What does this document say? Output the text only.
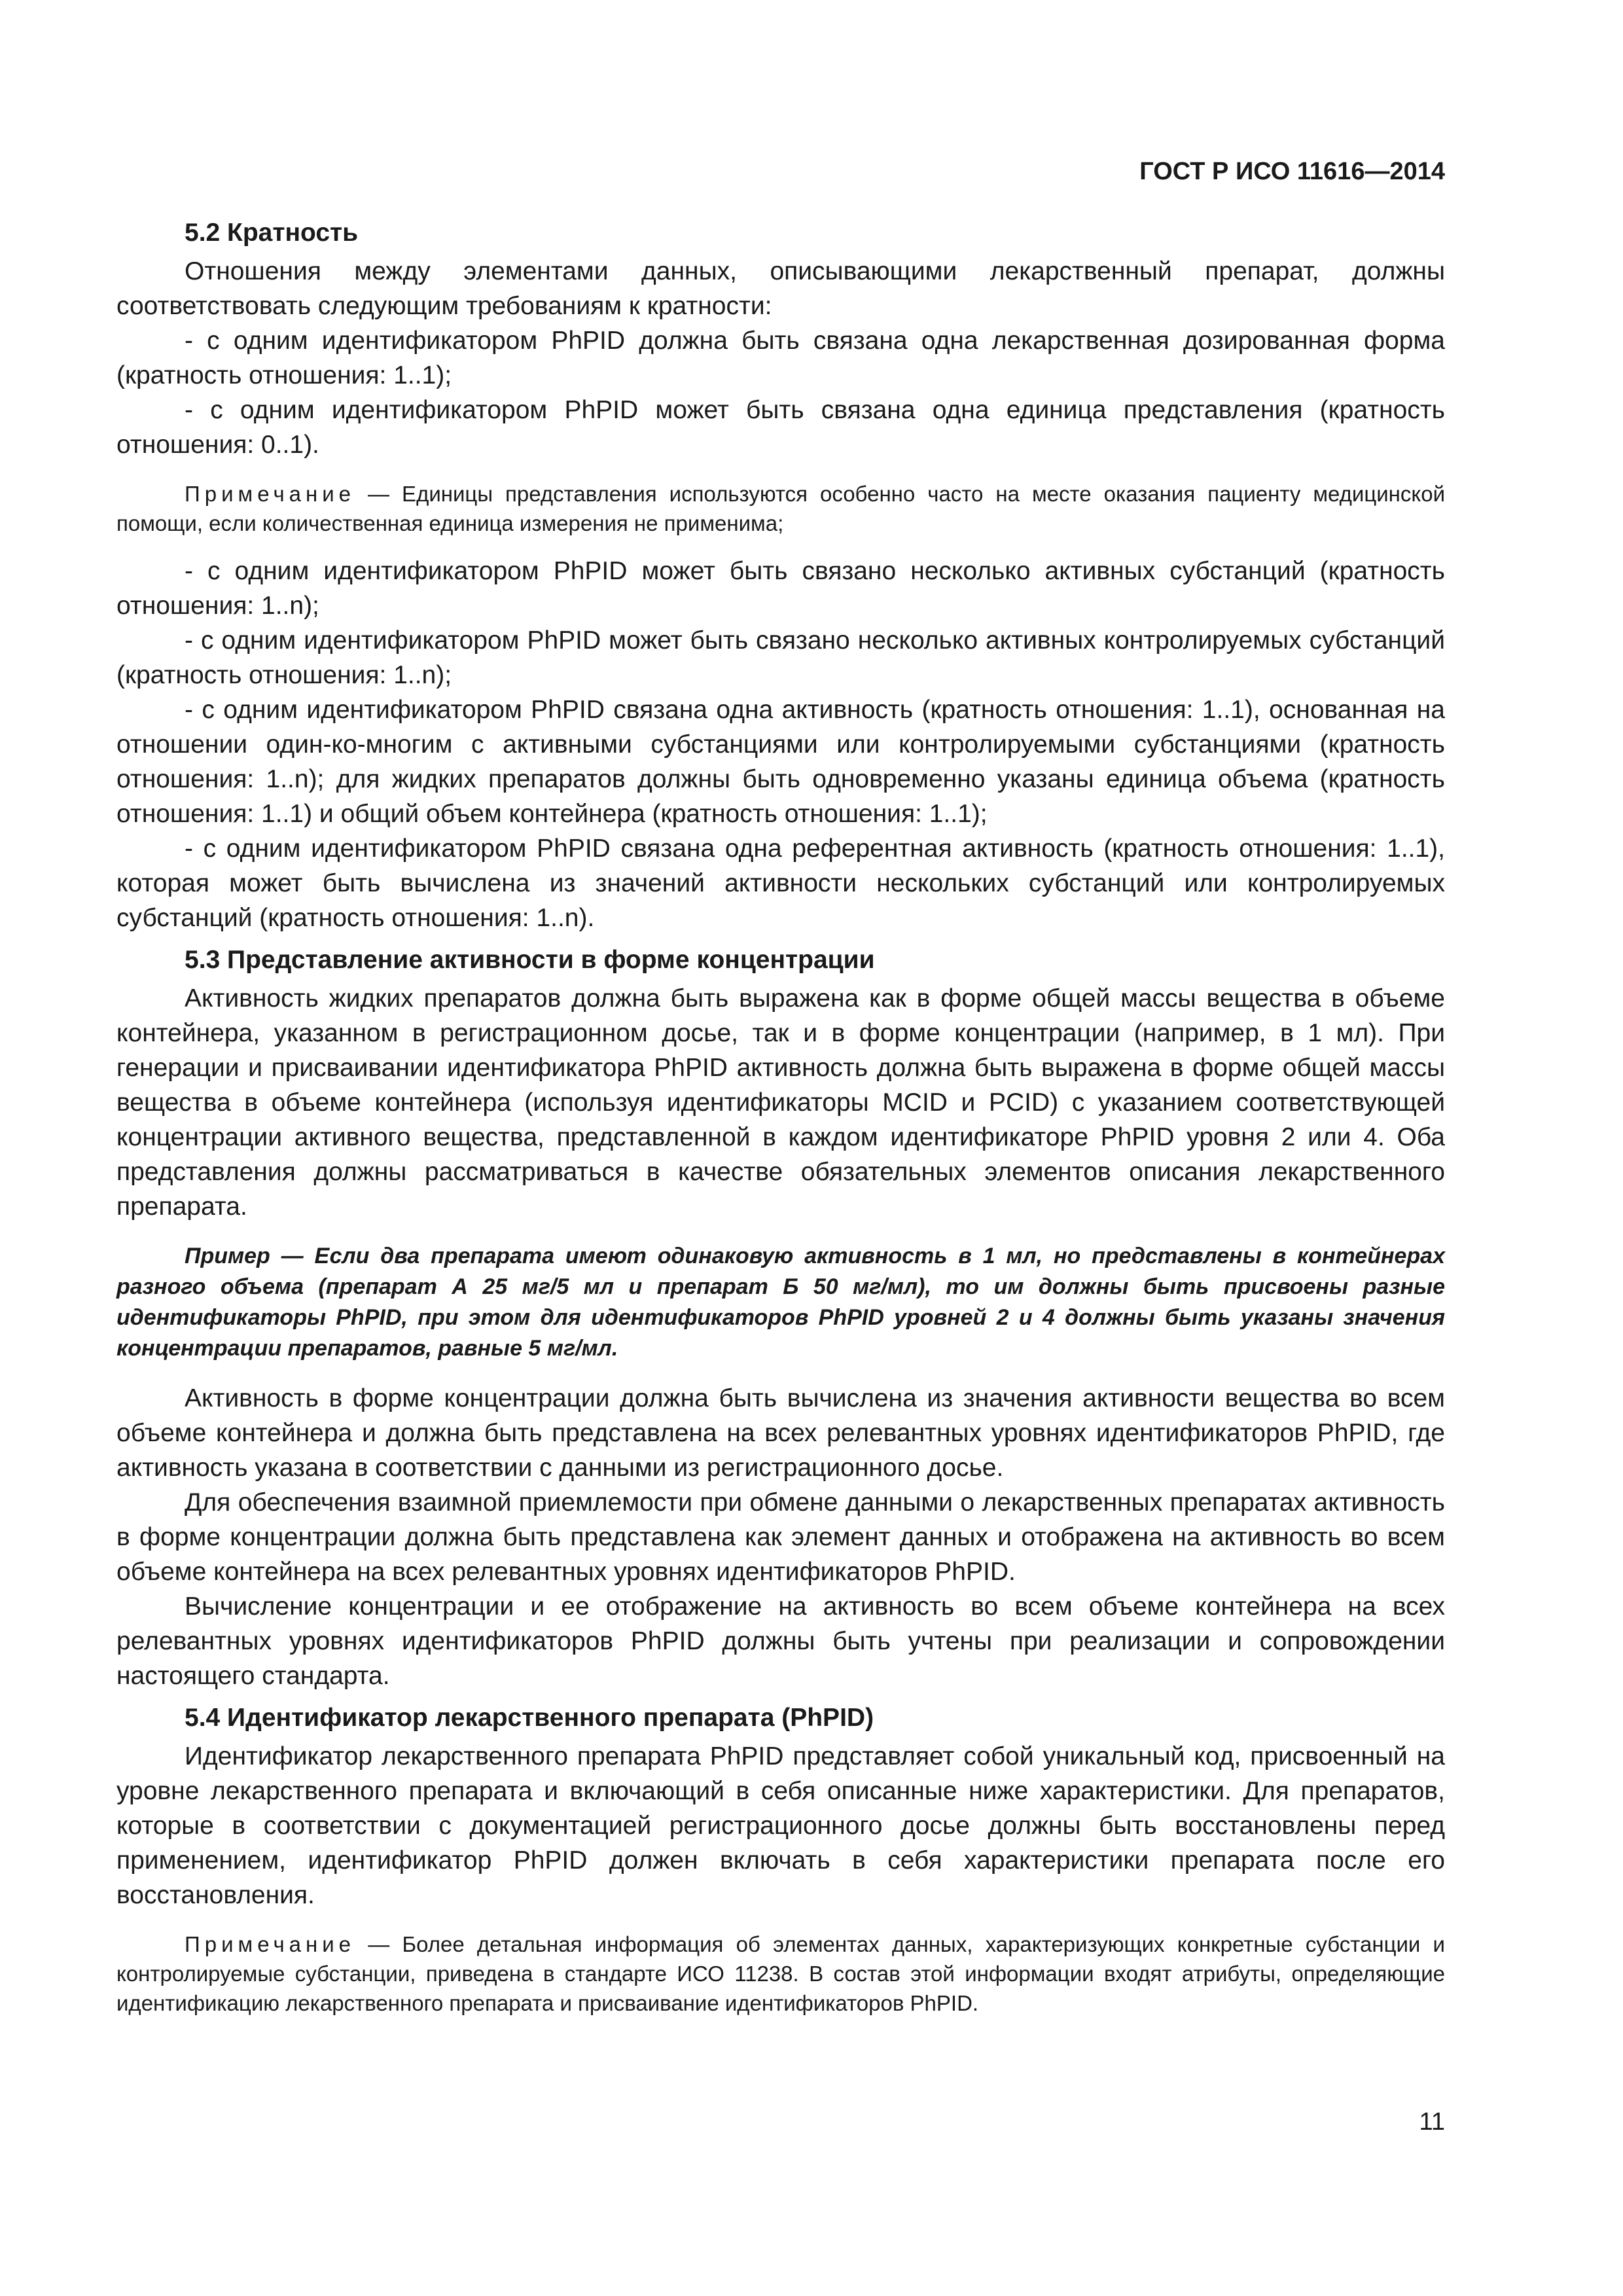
ГОСТ Р ИСО 11616—2014
5.2 Кратность

Отношения между элементами данных, описывающими лекарственный препарат, должны соответствовать следующим требованиям к кратности:

- с одним идентификатором PhPID должна быть связана одна лекарственная дозированная форма (кратность отношения: 1..1);

- с одним идентификатором PhPID может быть связана одна единица представления (кратность отношения: 0..1).

Примечание — Единицы представления используются особенно часто на месте оказания пациенту медицинской помощи, если количественная единица измерения не применима;

- с одним идентификатором PhPID может быть связано несколько активных субстанций (кратность отношения: 1..n);

- с одним идентификатором PhPID может быть связано несколько активных контролируемых субстанций (кратность отношения: 1..n);

- с одним идентификатором PhPID связана одна активность (кратность отношения: 1..1), основанная на отношении один-ко-многим с активными субстанциями или контролируемыми субстанциями (кратность отношения: 1..n); для жидких препаратов должны быть одновременно указаны единица объема (кратность отношения: 1..1) и общий объем контейнера (кратность отношения: 1..1);

- с одним идентификатором PhPID связана одна референтная активность (кратность отношения: 1..1), которая может быть вычислена из значений активности нескольких субстанций или контролируемых субстанций (кратность отношения: 1..n).

5.3 Представление активности в форме концентрации

Активность жидких препаратов должна быть выражена как в форме общей массы вещества в объеме контейнера, указанном в регистрационном досье, так и в форме концентрации (например, в 1 мл). При генерации и присваивании идентификатора PhPID активность должна быть выражена в форме общей массы вещества в объеме контейнера (используя идентификаторы MCID и PCID) с указанием соответствующей концентрации активного вещества, представленной в каждом идентификаторе PhPID уровня 2 или 4. Оба представления должны рассматриваться в качестве обязательных элементов описания лекарственного препарата.

Пример — Если два препарата имеют одинаковую активность в 1 мл, но представлены в контейнерах разного объема (препарат А 25 мг/5 мл и препарат Б 50 мг/мл), то им должны быть присвоены разные идентификаторы PhPID, при этом для идентификаторов PhPID уровней 2 и 4 должны быть указаны значения концентрации препаратов, равные 5 мг/мл.

Активность в форме концентрации должна быть вычислена из значения активности вещества во всем объеме контейнера и должна быть представлена на всех релевантных уровнях идентификаторов PhPID, где активность указана в соответствии с данными из регистрационного досье.

Для обеспечения взаимной приемлемости при обмене данными о лекарственных препаратах активность в форме концентрации должна быть представлена как элемент данных и отображена на активность во всем объеме контейнера на всех релевантных уровнях идентификаторов PhPID.

Вычисление концентрации и ее отображение на активность во всем объеме контейнера на всех релевантных уровнях идентификаторов PhPID должны быть учтены при реализации и сопровождении настоящего стандарта.

5.4 Идентификатор лекарственного препарата (PhPID)

Идентификатор лекарственного препарата PhPID представляет собой уникальный код, присвоенный на уровне лекарственного препарата и включающий в себя описанные ниже характеристики. Для препаратов, которые в соответствии с документацией регистрационного досье должны быть восстановлены перед применением, идентификатор PhPID должен включать в себя характеристики препарата после его восстановления.

Примечание — Более детальная информация об элементах данных, характеризующих конкретные субстанции и контролируемые субстанции, приведена в стандарте ИСО 11238. В состав этой информации входят атрибуты, определяющие идентификацию лекарственного препарата и присваивание идентификаторов PhPID.

11
